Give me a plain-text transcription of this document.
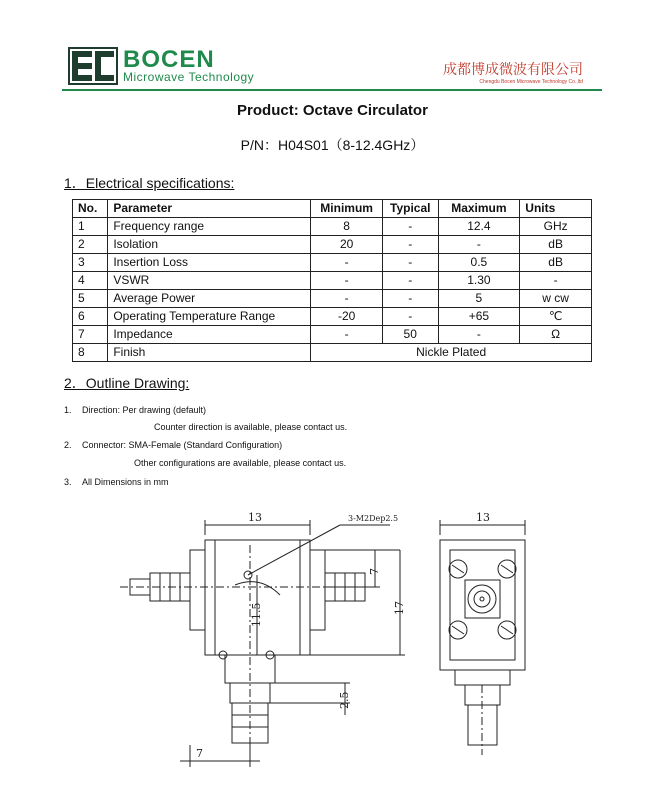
BOCEN
Microwave Technology	成都博成微波有限公司
Chengdu Bocen Microwave Technology Co.,ltd
Product: Octave Circulator
P/N：H04S01（8-12.4GHz）
1．Electrical specifications:
No.	Parameter	Minimum	Typical	Maximum	Units
1	Frequency range	8	-	12.4	GHz
2	Isolation	20	-	-	dB
3	Insertion Loss	-	-	0.5	dB
4	VSWR	-	-	1.30	-
5	Average Power	-	-	5	w cw
6	Operating Temperature Range	-20	-	+65	℃
7	Impedance	-	50	-	Ω
8	Finish	Nickle Plated			
2．Outline Drawing:
1. Direction: Per drawing (default)
Counter direction is available, please contact us.
2. Connector: SMA-Female (Standard Configuration)
Other configurations are available, please contact us.
3. All Dimensions in mm
13	3-M2Dep2.5
7
17
11.5
2.5
7
13
